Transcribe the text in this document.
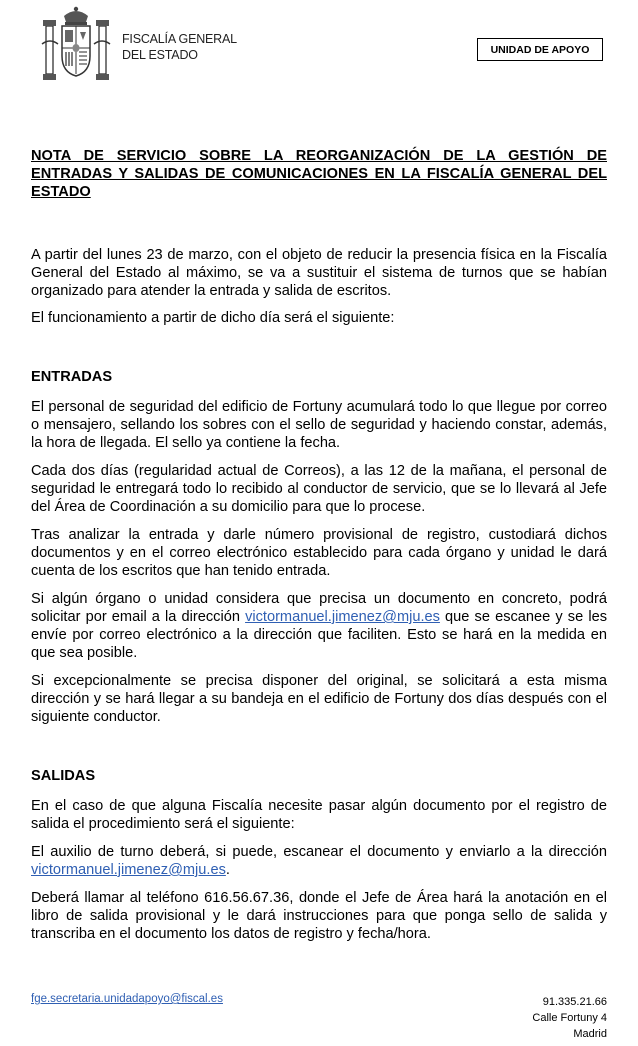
FISCALÍA GENERAL
DEL ESTADO	UNIDAD DE APOYO
NOTA DE SERVICIO SOBRE LA REORGANIZACIÓN DE LA GESTIÓN DE ENTRADAS Y SALIDAS DE COMUNICACIONES EN LA FISCALÍA GENERAL DEL ESTADO

A partir del lunes 23 de marzo, con el objeto de reducir la presencia física en la Fiscalía General del Estado al máximo, se va a sustituir el sistema de turnos que se habían organizado para atender la entrada y salida de escritos.

El funcionamiento a partir de dicho día será el siguiente:

ENTRADAS

El personal de seguridad del edificio de Fortuny acumulará todo lo que llegue por correo o mensajero, sellando los sobres con el sello de seguridad y haciendo constar, además, la hora de llegada. El sello ya contiene la fecha.

Cada dos días (regularidad actual de Correos), a las 12 de la mañana, el personal de seguridad le entregará todo lo recibido al conductor de servicio, que se lo llevará al Jefe del Área de Coordinación a su domicilio para que lo procese.

Tras analizar la entrada y darle número provisional de registro, custodiará dichos documentos y en el correo electrónico establecido para cada órgano y unidad le dará cuenta de los escritos que han tenido entrada.

Si algún órgano o unidad considera que precisa un documento en concreto, podrá solicitar por email a la dirección victormanuel.jimenez@mju.es que se escanee y se les envíe por correo electrónico a la dirección que faciliten. Esto se hará en la medida en que sea posible.

Si excepcionalmente se precisa disponer del original, se solicitará a esta misma dirección y se hará llegar a su bandeja en el edificio de Fortuny dos días después con el siguiente conductor.

SALIDAS

En el caso de que alguna Fiscalía necesite pasar algún documento por el registro de salida el procedimiento será el siguiente:

El auxilio de turno deberá, si puede, escanear el documento y enviarlo a la dirección victormanuel.jimenez@mju.es.

Deberá llamar al teléfono 616.56.67.36, donde el Jefe de Área hará la anotación en el libro de salida provisional y le dará instrucciones para que ponga sello de salida y transcriba en el documento los datos de registro y fecha/hora.

fge.secretaria.unidadapoyo@fiscal.es	91.335.21.66
Calle Fortuny 4
Madrid
